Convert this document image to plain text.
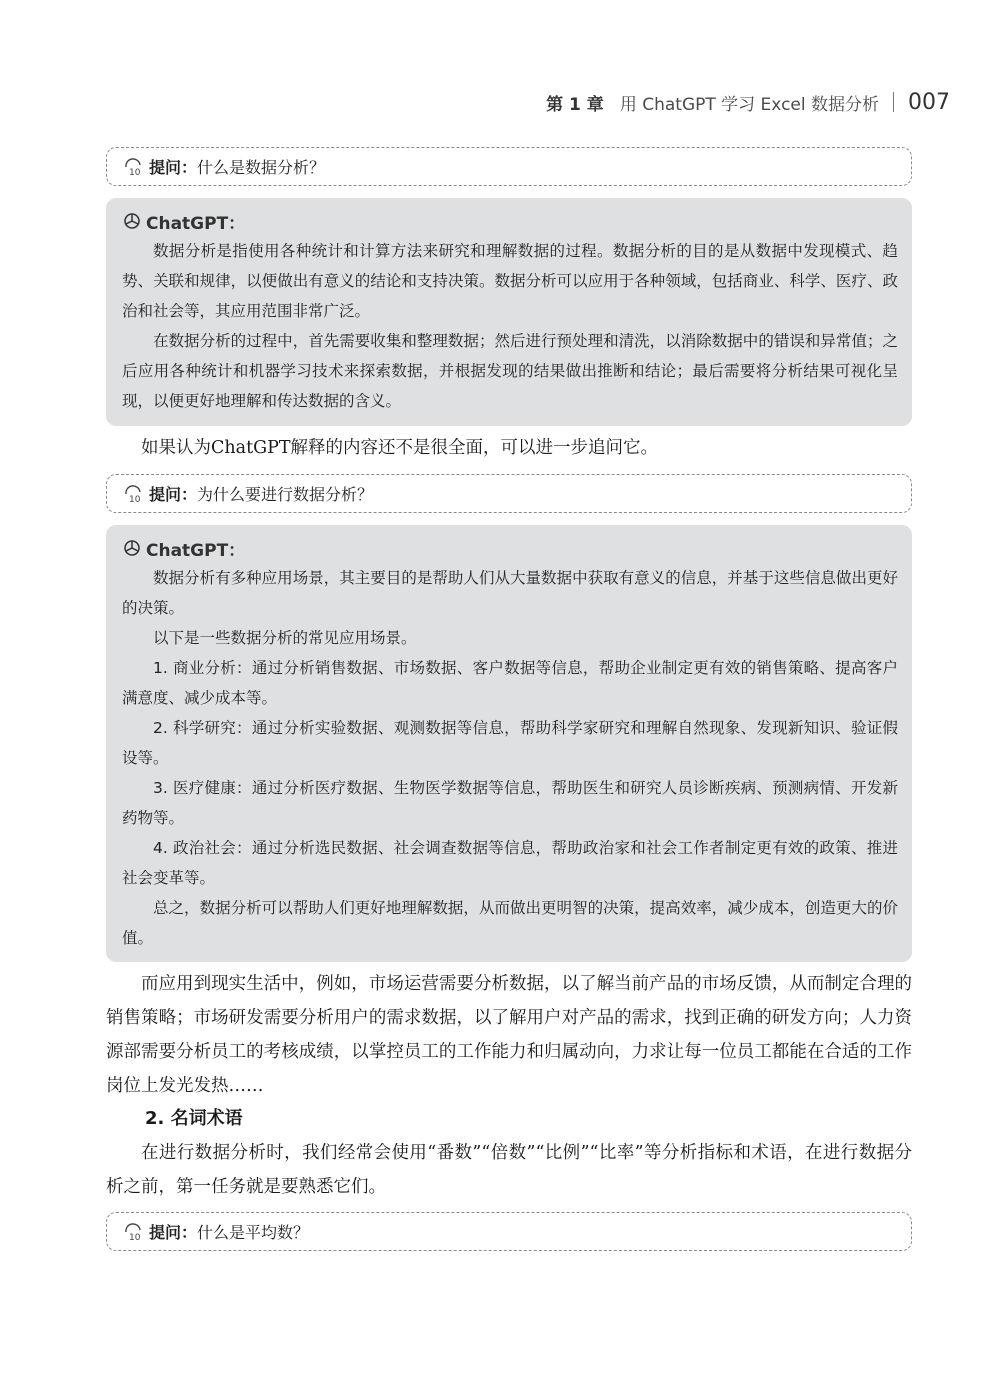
第 1 章 用 ChatGPT 学习 Excel 数据分析 007
10 提问： 什么是数据分析？
ChatGPT：

数据分析是指使用各种统计和计算方法来研究和理解数据的过程。数据分析的目的是从数据中发现模式、趋势、关联和规律，以便做出有意义的结论和支持决策。数据分析可以应用于各种领域，包括商业、科学、医疗、政治和社会等，其应用范围非常广泛。

在数据分析的过程中，首先需要收集和整理数据；然后进行预处理和清洗，以消除数据中的错误和异常值；之后应用各种统计和机器学习技术来探索数据，并根据发现的结果做出推断和结论；最后需要将分析结果可视化呈现，以便更好地理解和传达数据的含义。

如果认为ChatGPT解释的内容还不是很全面，可以进一步追问它。

10 提问： 为什么要进行数据分析？
ChatGPT：

数据分析有多种应用场景，其主要目的是帮助人们从大量数据中获取有意义的信息，并基于这些信息做出更好的决策。

以下是一些数据分析的常见应用场景。

1. 商业分析：通过分析销售数据、市场数据、客户数据等信息，帮助企业制定更有效的销售策略、提高客户满意度、减少成本等。

2. 科学研究：通过分析实验数据、观测数据等信息，帮助科学家研究和理解自然现象、发现新知识、验证假设等。

3. 医疗健康：通过分析医疗数据、生物医学数据等信息，帮助医生和研究人员诊断疾病、预测病情、开发新药物等。

4. 政治社会：通过分析选民数据、社会调查数据等信息，帮助政治家和社会工作者制定更有效的政策、推进社会变革等。

总之，数据分析可以帮助人们更好地理解数据，从而做出更明智的决策，提高效率，减少成本，创造更大的价值。

而应用到现实生活中，例如，市场运营需要分析数据，以了解当前产品的市场反馈，从而制定合理的销售策略；市场研发需要分析用户的需求数据，以了解用户对产品的需求，找到正确的研发方向；人力资源部需要分析员工的考核成绩，以掌控员工的工作能力和归属动向，力求让每一位员工都能在合适的工作岗位上发光发热……

2. 名词术语

在进行数据分析时，我们经常会使用“番数”“倍数”“比例”“比率”等分析指标和术语，在进行数据分析之前，第一任务就是要熟悉它们。

10 提问： 什么是平均数？
